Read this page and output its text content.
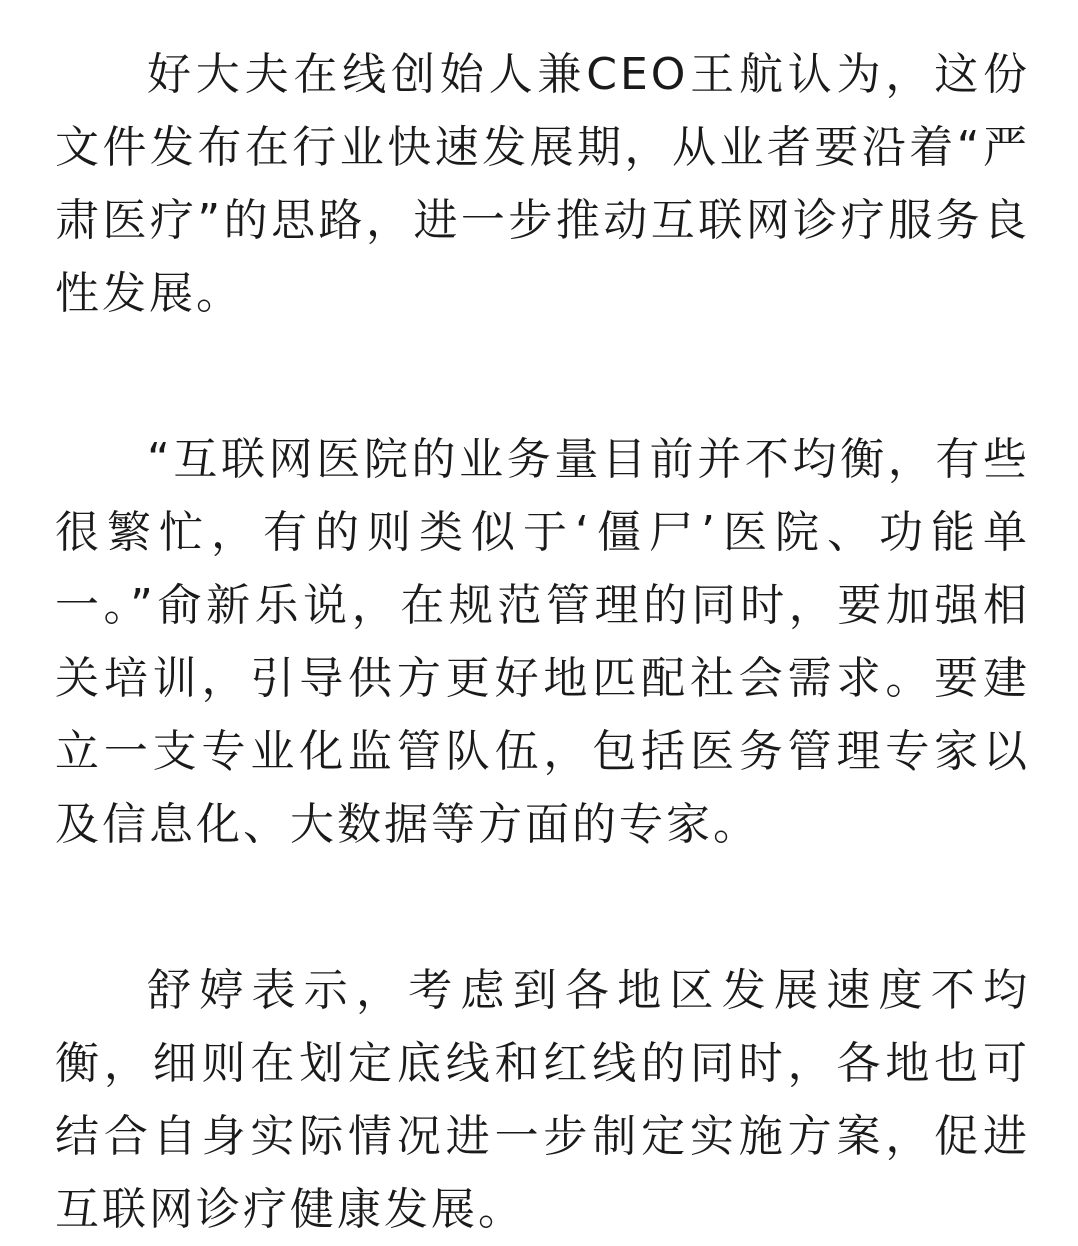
好大夫在线创始人兼CEO王航认为，这份
文件发布在行业快速发展期，从业者要沿着“严
肃医疗”的思路，进一步推动互联网诊疗服务良
性发展。

“互联网医院的业务量目前并不均衡，有些
很繁忙，有的则类似于‘僵尸’医院、功能单
一。”俞新乐说，在规范管理的同时，要加强相
关培训，引导供方更好地匹配社会需求。要建
立一支专业化监管队伍，包括医务管理专家以
及信息化、大数据等方面的专家。

舒婷表示，考虑到各地区发展速度不均
衡，细则在划定底线和红线的同时，各地也可
结合自身实际情况进一步制定实施方案，促进
互联网诊疗健康发展。
